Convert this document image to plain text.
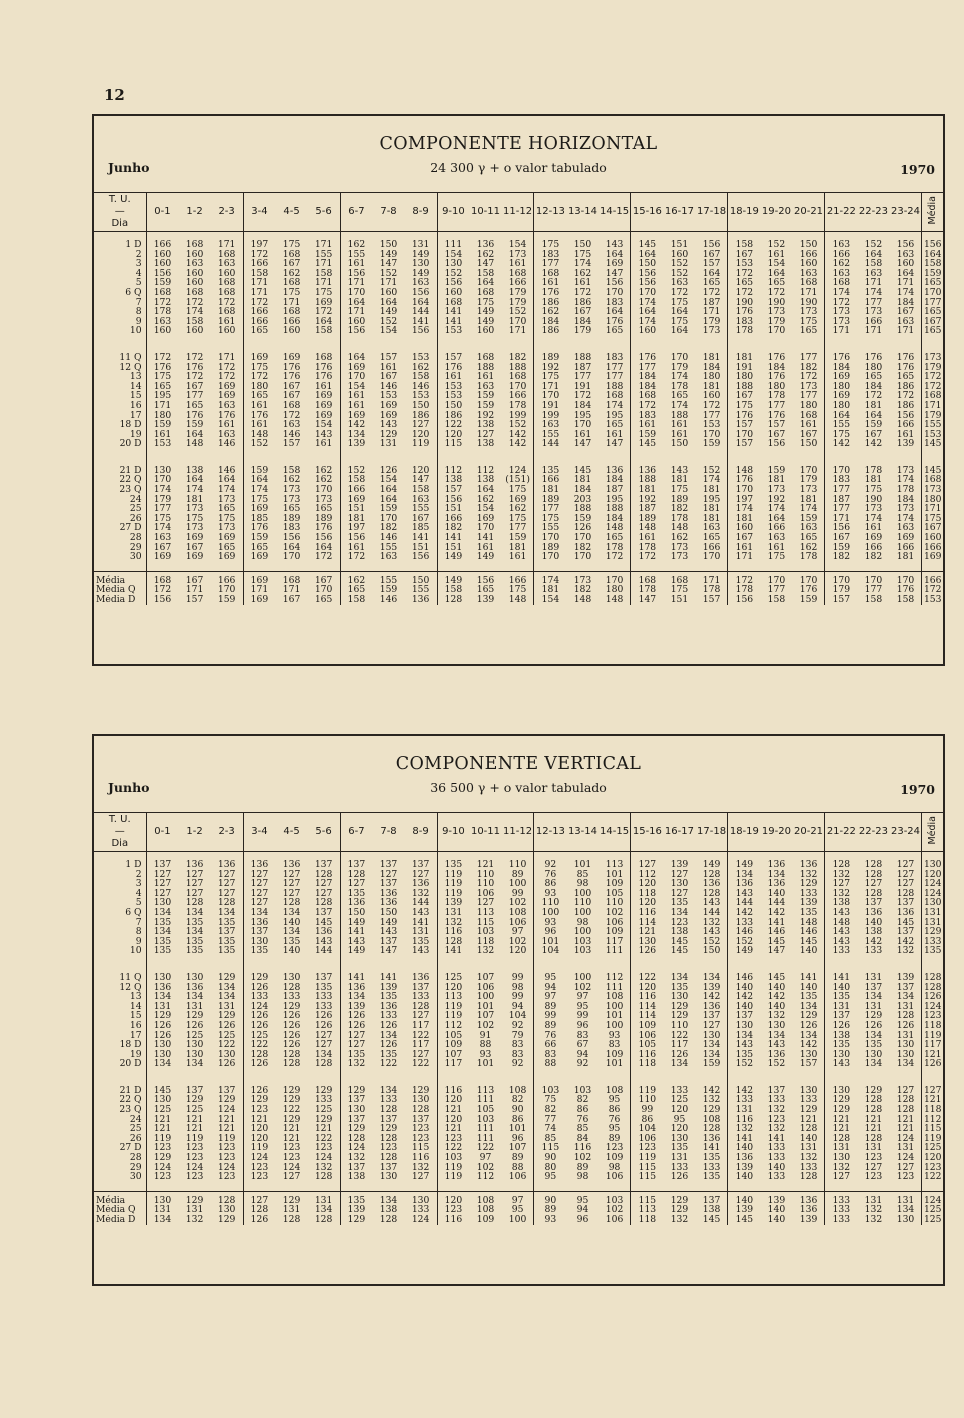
12
COMPONENTE HORIZONTAL
Junho	24 300 γ + o valor tabulado	1970
T. U.
—
Dia	0-1	1-2	2-3	3-4	4-5	5-6	6-7	7-8	8-9	9-10	10-11	11-12	12-13	13-14	14-15	15-16	16-17	17-18	18-19	19-20	20-21	21-22	22-23	23-24	Média
1 D	166	168	171	197	175	171	162	150	131	111	136	154	175	150	143	145	151	156	158	152	150	163	152	156	156
2	160	160	168	172	168	155	155	149	149	154	162	173	183	175	164	164	160	167	167	161	166	166	164	163	164
3	160	163	163	166	167	171	161	147	130	130	147	161	177	174	169	150	152	157	153	154	160	162	158	160	158
4	156	160	160	158	162	158	156	152	149	152	158	168	168	162	147	156	152	164	172	164	163	163	163	164	159
5	159	160	168	171	168	171	171	171	163	156	164	166	161	161	156	156	163	165	165	165	168	168	171	171	165
6 Q	168	168	168	171	175	175	170	160	156	160	168	179	176	172	170	170	172	172	172	172	171	174	174	174	170
7	172	172	172	172	171	169	164	164	164	168	175	179	186	186	183	174	175	187	190	190	190	172	177	184	177
8	178	174	168	166	168	172	171	149	144	141	149	152	162	167	164	164	164	171	176	173	173	173	173	167	165
9	163	158	161	166	166	164	160	152	141	141	149	170	184	184	176	174	175	179	183	179	175	173	166	163	167
10	160	160	160	165	160	158	156	154	156	153	160	171	186	179	165	160	164	173	178	170	165	171	171	171	165

11 Q	172	172	171	169	169	168	164	157	153	157	168	182	189	188	183	176	170	181	181	176	177	176	176	176	173
12 Q	176	176	172	175	176	176	169	161	162	176	188	188	192	187	177	177	179	184	191	184	182	184	180	176	179
13	175	172	172	172	176	176	170	167	158	161	161	168	175	177	177	184	174	180	180	176	172	169	165	165	172
14	165	167	169	180	167	161	154	146	146	153	163	170	171	191	188	184	178	181	188	180	173	180	184	186	172
15	195	177	169	165	167	169	161	153	153	153	159	166	170	172	168	168	165	160	167	178	177	169	172	172	168
16	171	165	163	161	168	169	161	169	150	150	159	178	191	184	174	172	174	172	175	177	180	180	181	186	171
17	180	176	176	176	172	169	169	169	186	186	192	199	199	195	195	183	188	177	176	176	168	164	164	156	179
18 D	159	159	161	161	163	154	142	143	127	122	138	152	163	170	165	161	161	153	157	157	161	155	159	166	155
19	161	164	163	148	146	143	134	129	120	120	127	142	155	161	161	159	161	170	170	167	167	175	167	161	153
20 D	153	148	146	152	157	161	139	131	119	115	138	142	144	147	147	145	150	159	157	156	150	142	142	139	145

21 D	130	138	146	159	158	162	152	126	120	112	112	124	135	145	136	136	143	152	148	159	170	170	178	173	145
22 Q	170	164	164	164	162	162	158	154	147	138	138	(151)	166	181	184	188	181	174	176	181	179	183	181	174	168
23 Q	174	174	174	174	173	170	166	164	158	157	164	175	181	184	187	181	175	181	170	173	173	177	175	178	173
24	179	181	173	175	173	173	169	164	163	156	162	169	189	203	195	192	189	195	197	192	181	187	190	184	180
25	177	173	165	169	165	165	151	159	155	151	154	162	177	188	188	187	182	181	174	174	174	177	173	173	171
26	175	175	175	185	189	189	181	170	167	166	169	175	175	159	184	189	178	181	181	164	159	171	174	174	175
27 D	174	173	173	176	183	176	197	182	185	182	170	177	155	126	148	148	148	163	160	166	163	156	161	163	167
28	163	169	169	159	156	156	156	146	141	141	141	159	170	170	165	161	162	165	167	163	165	167	169	169	160
29	167	167	165	165	164	164	161	155	151	151	161	181	189	182	178	178	173	166	161	161	162	159	166	166	166
30	169	169	169	169	170	172	172	163	156	149	149	161	170	170	172	172	173	170	171	175	178	182	182	181	169

Média	168	167	166	169	168	167	162	155	150	149	156	166	174	173	170	168	168	171	172	170	170	170	170	170	166
Média Q	172	171	170	171	171	170	165	159	155	158	165	175	181	182	180	178	175	178	178	177	176	179	177	176	172
Média D	156	157	159	169	167	165	158	146	136	128	139	148	154	148	148	147	151	157	156	158	159	157	158	158	153
COMPONENTE VERTICAL
Junho	36 500 γ + o valor tabulado	1970
T. U.
—
Dia	0-1	1-2	2-3	3-4	4-5	5-6	6-7	7-8	8-9	9-10	10-11	11-12	12-13	13-14	14-15	15-16	16-17	17-18	18-19	19-20	20-21	21-22	22-23	23-24	Média
1 D	137	136	136	136	136	137	137	137	137	135	121	110	92	101	113	127	139	149	149	136	136	128	128	127	130
2	127	127	127	127	127	128	128	127	127	119	110	89	76	85	101	112	127	128	134	134	132	132	128	127	120
3	127	127	127	127	127	127	127	137	136	119	110	100	86	98	109	120	130	136	136	136	129	127	127	127	124
4	127	127	127	127	127	127	135	136	132	119	106	99	93	100	105	118	127	128	143	140	133	132	128	128	124
5	130	128	128	127	128	128	136	136	144	139	127	102	110	110	110	120	135	143	144	144	139	138	137	137	130
6 Q	134	134	134	134	134	137	150	150	143	131	113	108	100	100	102	116	134	144	142	142	135	143	136	136	131
7	135	135	135	136	140	145	149	149	141	132	115	106	93	98	106	114	123	132	133	141	148	148	140	145	131
8	134	134	137	137	134	136	141	143	131	116	103	97	96	100	109	121	138	143	146	146	146	143	138	137	129
9	135	135	135	130	135	143	143	137	135	128	118	102	101	103	117	130	145	152	152	145	145	143	142	142	133
10	135	135	135	135	140	144	149	147	143	141	132	120	104	103	111	126	145	150	149	147	140	133	133	132	135

11 Q	130	130	129	129	130	137	141	141	136	125	107	99	95	100	112	122	134	134	146	145	141	141	131	139	128
12 Q	136	136	134	126	128	135	136	139	137	120	106	98	94	102	111	120	135	139	140	140	140	140	137	137	128
13	134	134	134	133	133	133	134	135	133	113	100	99	97	97	108	116	130	142	142	142	135	135	134	134	126
14	131	131	131	124	129	133	139	136	128	119	101	94	89	95	100	114	129	136	140	140	134	131	131	131	124
15	129	129	129	126	126	126	126	133	127	119	107	104	99	99	101	114	129	137	137	132	129	137	129	128	123
16	126	126	126	126	126	126	126	126	117	112	102	92	89	96	100	109	110	127	130	130	126	126	126	126	118
17	126	125	125	125	126	127	127	134	122	105	91	79	76	83	93	106	122	130	134	134	134	138	134	131	119
18 D	130	130	122	122	126	127	127	126	117	109	88	83	66	67	83	105	117	134	143	143	142	135	135	130	117
19	130	130	130	128	128	134	135	135	127	107	93	83	83	94	109	116	126	134	135	136	130	130	130	130	121
20 D	134	134	126	126	128	128	132	122	122	117	101	92	88	92	101	118	134	159	152	152	157	143	134	134	126

21 D	145	137	137	126	129	129	129	134	129	116	113	108	103	103	108	119	133	142	142	137	130	130	129	127	127
22 Q	130	129	129	129	129	133	137	133	130	120	111	82	75	82	95	110	125	132	133	133	133	129	128	128	121
23 Q	125	125	124	123	122	125	130	128	128	121	105	90	82	86	86	99	120	129	131	132	129	129	128	128	118
24	121	121	121	121	129	129	137	137	137	120	103	86	77	76	76	86	95	108	116	123	121	121	121	121	112
25	121	121	121	120	121	121	129	129	123	121	111	101	74	85	95	104	120	128	132	132	128	121	121	121	115
26	119	119	119	120	121	122	128	128	123	123	111	96	85	84	89	106	130	136	141	141	140	128	128	124	119
27 D	123	123	123	119	123	123	124	123	115	122	122	107	115	116	123	123	135	141	140	133	131	131	131	131	125
28	129	123	123	124	123	124	132	128	116	103	97	89	90	102	109	119	131	135	136	133	132	130	123	124	120
29	124	124	124	123	124	132	137	137	132	119	102	88	80	89	98	115	133	133	139	140	133	132	127	127	123
30	123	123	123	123	127	128	138	130	127	119	112	106	95	98	106	115	126	135	140	133	128	127	123	123	122

Média	130	129	128	127	129	131	135	134	130	120	108	97	90	95	103	115	129	137	140	139	136	133	131	131	124
Média Q	131	131	130	128	131	134	139	138	133	123	108	95	89	94	102	113	129	138	139	140	136	133	132	134	125
Média D	134	132	129	126	128	128	129	128	124	116	109	100	93	96	106	118	132	145	145	140	139	133	132	130	125
